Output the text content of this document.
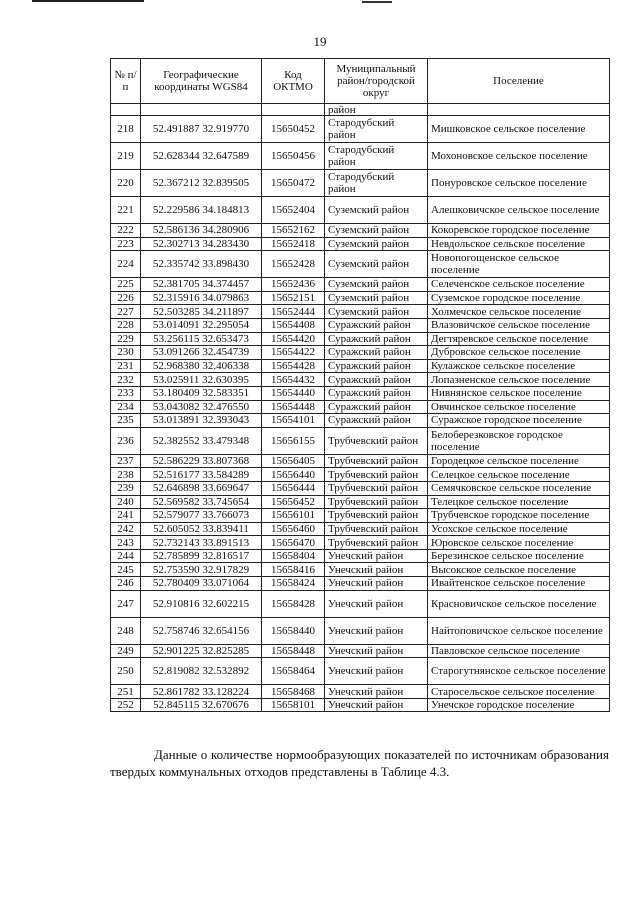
19
№ п/п	Географические координаты WGS84	Код ОКТМО	Муниципальный район/городской округ	Поселение
			район	
218	52.491887 32.919770	15650452	Стародубский район	Мишковское сельское поселение
219	52.628344 32.647589	15650456	Стародубский район	Мохоновское сельское поселение
220	52.367212 32.839505	15650472	Стародубский район	Понуровское сельское поселение
221	52.229586 34.184813	15652404	Суземский район	Алешковичское сельское поселение
222	52.586136 34.280906	15652162	Суземский район	Кокоревское городское поселение
223	52.302713 34.283430	15652418	Суземский район	Невдольское сельское поселение
224	52.335742 33.898430	15652428	Суземский район	Новопогощенское сельское поселение
225	52.381705 34.374457	15652436	Суземский район	Селеченское сельское поселение
226	52.315916 34.079863	15652151	Суземский район	Суземское городское поселение
227	52.503285 34.211897	15652444	Суземский район	Холмечское сельское поселение
228	53.014091 32.295054	15654408	Суражский район	Влазовичское сельское поселение
229	53.256115 32.653473	15654420	Суражский район	Дегтяревское сельское поселение
230	53.091266 32.454739	15654422	Суражский район	Дубровское сельское поселение
231	52.968380 32.406338	15654428	Суражский район	Кулажское сельское поселение
232	53.025911 32.630395	15654432	Суражский район	Лопазненское сельское поселение
233	53.180409 32.583351	15654440	Суражский район	Нивнянское сельское поселение
234	53.043082 32.476550	15654448	Суражский район	Овчинское сельское поселение
235	53.013891 32.393043	15654101	Суражский район	Суражское городское поселение
236	52.382552 33.479348	15656155	Трубчевский район	Белоберезковское городское поселение
237	52.586229 33.807368	15656405	Трубчевский район	Городецкое сельское поселение
238	52.516177 33.584289	15656440	Трубчевский район	Селецкое сельское поселение
239	52.646898 33.669647	15656444	Трубчевский район	Семячковское сельское поселение
240	52.569582 33.745654	15656452	Трубчевский район	Телецкое сельское поселение
241	52.579077 33.766073	15656101	Трубчевский район	Трубчевское городское поселение
242	52.605052 33.839411	15656460	Трубчевский район	Усохское сельское поселение
243	52.732143 33.891513	15656470	Трубчевский район	Юровское сельское поселение
244	52.785899 32.816517	15658404	Унечский район	Березинское сельское поселение
245	52.753590 32.917829	15658416	Унечский район	Высокское сельское поселение
246	52.780409 33.071064	15658424	Унечский район	Ивайтенское сельское поселение
247	52.910816 32.602215	15658428	Унечский район	Красновичское сельское поселение
248	52.758746 32.654156	15658440	Унечский район	Найтоповичское сельское поселение
249	52.901225 32.825285	15658448	Унечский район	Павловское сельское поселение
250	52.819082 32.532892	15658464	Унечский район	Старогутнянское сельское поселение
251	52.861782 33.128224	15658468	Унечский район	Старосельское сельское поселение
252	52.845115 32.670676	15658101	Унечский район	Унечское городское поселение
Данные о количестве нормообразующих показателей по источникам образования твердых коммунальных отходов представлены в Таблице 4.3.
